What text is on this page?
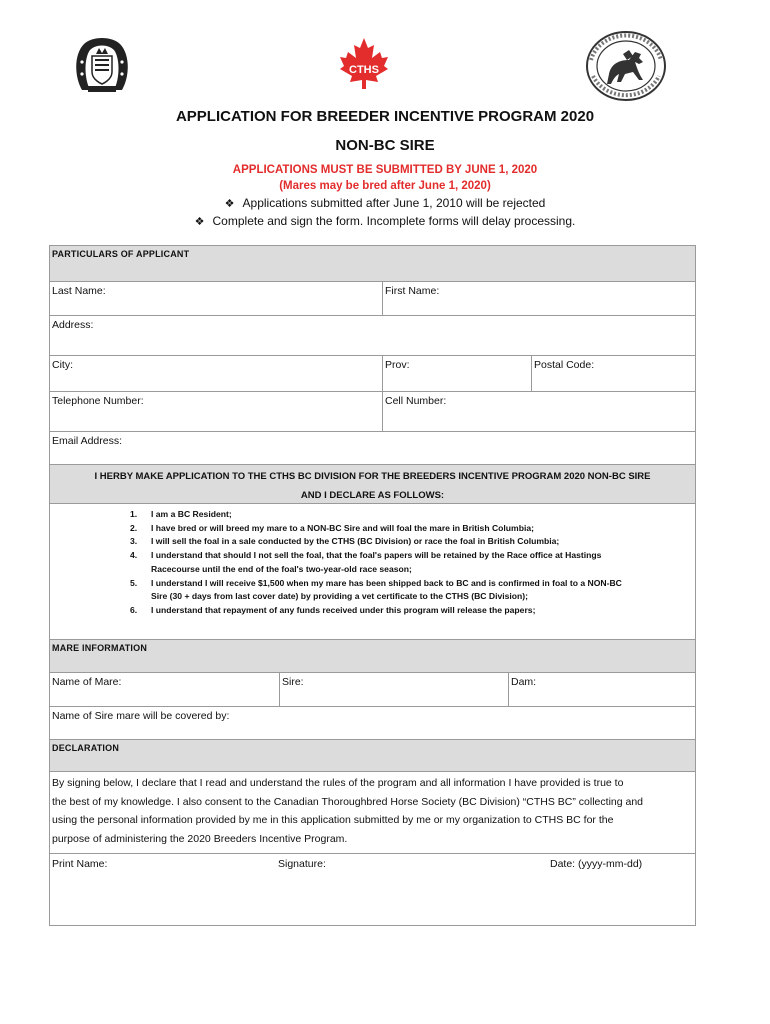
CTHS
APPLICATION FOR BREEDER INCENTIVE PROGRAM 2020
NON-BC SIRE
APPLICATIONS MUST BE SUBMITTED BY JUNE 1, 2020
(Mares may be bred after June 1, 2020)
❖ Applications submitted after June 1, 2010 will be rejected
❖ Complete and sign the form. Incomplete forms will delay processing.
PARTICULARS OF APPLICANT
Last Name:	First Name:
Address:
City:	Prov:	Postal Code:
Telephone Number:	Cell Number:
Email Address:
I HERBY MAKE APPLICATION TO THE CTHS BC DIVISION FOR THE BREEDERS INCENTIVE PROGRAM 2020 NON-BC SIRE
AND I DECLARE AS FOLLOWS:
1. I am a BC Resident;
2. I have bred or will breed my mare to a NON-BC Sire and will foal the mare in British Columbia;
3. I will sell the foal in a sale conducted by the CTHS (BC Division) or race the foal in British Columbia;
4. I understand that should I not sell the foal, that the foal's papers will be retained by the Race office at Hastings
Racecourse until the end of the foal's two-year-old race season;
5. I understand I will receive $1,500 when my mare has been shipped back to BC and is confirmed in foal to a NON-BC
Sire (30 + days from last cover date) by providing a vet certificate to the CTHS (BC Division);
6. I understand that repayment of any funds received under this program will release the papers;
MARE INFORMATION
Name of Mare:	Sire:	Dam:
Name of Sire mare will be covered by:
DECLARATION
By signing below, I declare that I read and understand the rules of the program and all information I have provided is true to
the best of my knowledge. I also consent to the Canadian Thoroughbred Horse Society (BC Division) “CTHS BC” collecting and
using the personal information provided by me in this application submitted by me or my organization to CTHS BC for the
purpose of administering the 2020 Breeders Incentive Program.
Print Name:	Signature:	Date: (yyyy-mm-dd)
